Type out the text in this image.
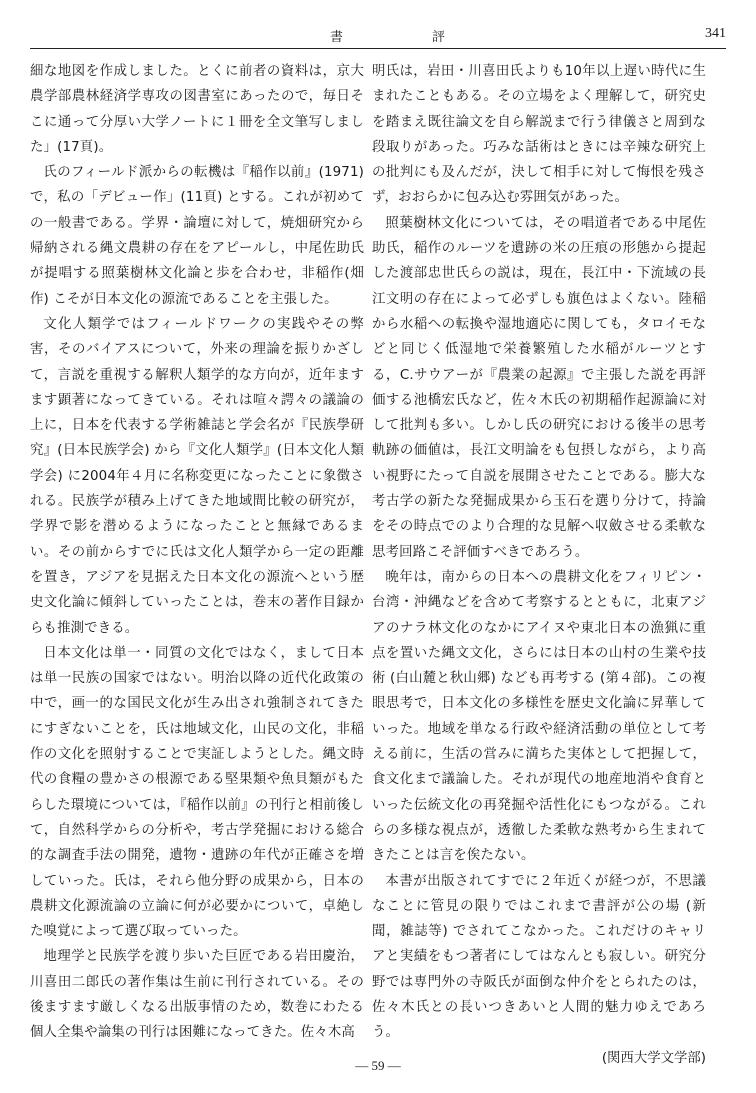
書　評	341

細な地図を作成しました。とくに前者の資料は，京大農学部農林経済学専攻の図書室にあったので，毎日そこに通って分厚い大学ノートに１冊を全文筆写しました」(17頁)。

氏のフィールド派からの転機は『稲作以前』(1971)で，私の「デビュー作」(11頁) とする。これが初めての一般書である。学界・論壇に対して，焼畑研究から帰納される縄文農耕の存在をアピールし，中尾佐助氏が提唱する照葉樹林文化論と歩を合わせ，非稲作(畑作) こそが日本文化の源流であることを主張した。

文化人類学ではフィールドワークの実践やその弊害，そのバイアスについて，外来の理論を振りかざして，言説を重視する解釈人類学的な方向が，近年ますます顕著になってきている。それは喧々諤々の議論の上に，日本を代表する学術雑誌と学会名が『民族學研究』(日本民族学会) から『文化人類学』(日本文化人類学会) に2004年４月に名称変更になったことに象徴される。民族学が積み上げてきた地域間比較の研究が，学界で影を潜めるようになったことと無縁であるまい。その前からすでに氏は文化人類学から一定の距離を置き，アジアを見据えた日本文化の源流へという歴史文化論に傾斜していったことは，巻末の著作目録からも推測できる。

日本文化は単一・同質の文化ではなく，まして日本は単一民族の国家ではない。明治以降の近代化政策の中で，画一的な国民文化が生み出され強制されてきたにすぎないことを，氏は地域文化，山民の文化，非稲作の文化を照射することで実証しようとした。縄文時代の食糧の豊かさの根源である堅果類や魚貝類がもたらした環境については，『稲作以前』の刊行と相前後して，自然科学からの分析や，考古学発掘における総合的な調査手法の開発，遺物・遺跡の年代が正確さを増していった。氏は，それら他分野の成果から，日本の農耕文化源流論の立論に何が必要かについて，卓絶した嗅覚によって選び取っていった。

地理学と民族学を渡り歩いた巨匠である岩田慶治，川喜田二郎氏の著作集は生前に刊行されている。その後ますます厳しくなる出版事情のため，数巻にわたる個人全集や論集の刊行は困難になってきた。佐々木高

明氏は，岩田・川喜田氏よりも10年以上遅い時代に生まれたこともある。その立場をよく理解して，研究史を踏まえ既往論文を自ら解説まで行う律儀さと周到な段取りがあった。巧みな話術はときには辛辣な研究上の批判にも及んだが，決して相手に対して悔恨を残さず，おおらかに包み込む雰囲気があった。

照葉樹林文化については，その唱道者である中尾佐助氏，稲作のルーツを遺跡の米の圧痕の形態から提起した渡部忠世氏らの説は，現在，長江中・下流域の長江文明の存在によって必ずしも旗色はよくない。陸稲から水稲への転換や湿地適応に関しても，タロイモなどと同じく低湿地で栄養繁殖した水稲がルーツとする，C.サウアーが『農業の起源』で主張した説を再評価する池橋宏氏など，佐々木氏の初期稲作起源論に対して批判も多い。しかし氏の研究における後半の思考軌跡の価値は，長江文明論をも包摂しながら，より高い視野にたって自説を展開させたことである。膨大な考古学の新たな発掘成果から玉石を選り分けて，持論をその時点でのより合理的な見解へ収斂させる柔軟な思考回路こそ評価すべきであろう。

晩年は，南からの日本への農耕文化をフィリピン・台湾・沖縄などを含めて考察するとともに，北東アジアのナラ林文化のなかにアイヌや東北日本の漁猟に重点を置いた縄文文化，さらには日本の山村の生業や技術 (白山麓と秋山郷) なども再考する (第４部)。この複眼思考で，日本文化の多様性を歴史文化論に昇華していった。地域を単なる行政や経済活動の単位として考える前に，生活の営みに満ちた実体として把握して，食文化まで議論した。それが現代の地産地消や食育といった伝統文化の再発掘や活性化にもつながる。これらの多様な視点が，透徹した柔軟な熟考から生まれてきたことは言を俟たない。

本書が出版されてすでに２年近くが経つが，不思議なことに管見の限りではこれまで書評が公の場 (新聞，雑誌等) でされてこなかった。これだけのキャリアと実績をもつ著者にしてはなんとも寂しい。研究分野では専門外の寺阪氏が面倒な仲介をとられたのは，佐々木氏との長いつきあいと人間的魅力ゆえであろう。

(関西大学文学部)

— 59 —
